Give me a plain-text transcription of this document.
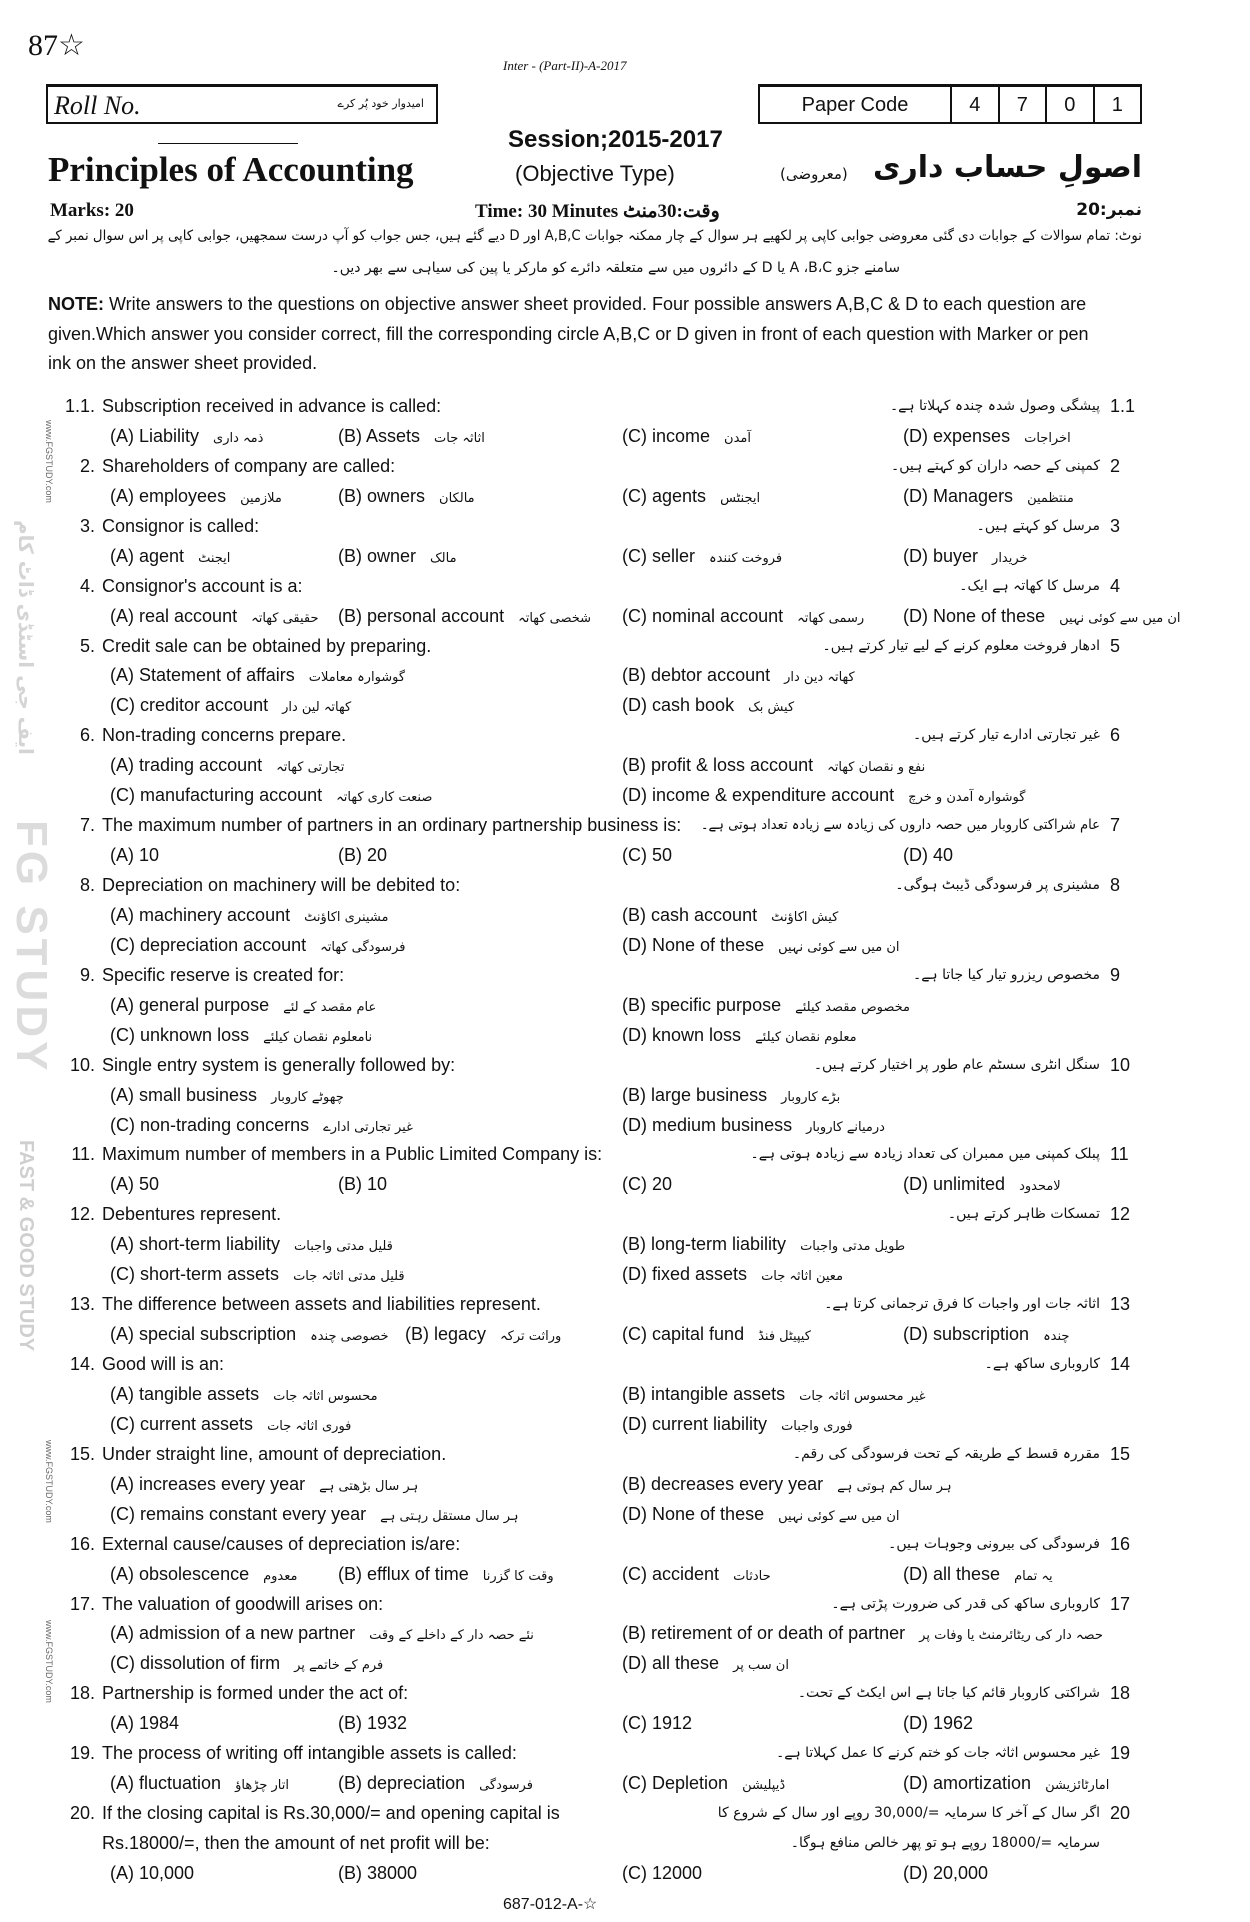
87☆
Inter - (Part-II)-A-2017
Roll No.	امیدوار خود پُر کرے	Paper Code	4	7	0	1
Session;2015-2017
Principles of Accounting	(Objective Type)	(معروضی) اصولِ حساب داری
Marks: 20	Time: 30 Minutes وقت:30منٹ	نمبر:20
نوٹ: تمام سوالات کے جوابات دی گئی معروضی جوابی کاپی پر لکھیے ہر سوال کے چار ممکنہ جوابات A,B,C اور D دیے گئے ہیں، جس جواب کو آپ درست سمجھیں، جوابی کاپی پر اس سوال نمبر کے
سامنے جزو A ،B،C یا D کے دائروں میں سے متعلقہ دائرے کو مارکر یا پین کی سیاہی سے بھر دیں۔
NOTE: Write answers to the questions on objective answer sheet provided. Four possible answers A,B,C & D to each question are given.Which answer you consider correct, fill the corresponding circle A,B,C or D given in front of each question with Marker or pen ink on the answer sheet provided.
FG STUDY
FAST & GOOD STUDY
ایف جی اسٹڈی ڈاٹ کام
www.FGSTUDY.com
www.FGSTUDY.com
www.FGSTUDY.com
1.1. Subscription received in advance is called:	پیشگی وصول شدہ چندہ کہلاتا ہے۔ 1.1
(A) Liability ذمہ داری	(B) Assets اثاثہ جات	(C) income آمدن	(D) expenses اخراجات
2. Shareholders of company are called:	کمپنی کے حصہ داران کو کہتے ہیں۔ 2
(A) employees ملازمین	(B) owners مالکان	(C) agents ایجنٹس	(D) Managers منتظمین
3. Consignor is called:	مرسل کو کہتے ہیں۔ 3
(A) agent ایجنٹ	(B) owner مالک	(C) seller فروخت کنندہ	(D) buyer خریدار
4. Consignor's account is a:	مرسل کا کھاتہ ہے ایک۔ 4
(A) real account حقیقی کھاتہ (B) personal account شخصی کھاتہ (C) nominal account رسمی کھاتہ (D) None of these ان میں سے کوئی نہیں
5. Credit sale can be obtained by preparing.	ادھار فروخت معلوم کرنے کے لیے تیار کرتے ہیں۔ 5
(A) Statement of affairs گوشوارہ معاملات	(B) debtor account کھاتہ دین دار
(C) creditor account کھاتہ لین دار	(D) cash book کیش بک
6. Non-trading concerns prepare.	غیر تجارتی ادارے تیار کرتے ہیں۔ 6
(A) trading account تجارتی کھاتہ	(B) profit & loss account نفع و نقصان کھاتہ
(C) manufacturing account صنعت کاری کھاتہ	(D) income & expenditure account گوشوارہ آمدن و خرچ
7. The maximum number of partners in an ordinary partnership business is: عام شراکتی کاروبار میں حصہ داروں کی زیادہ سے زیادہ تعداد ہوتی ہے۔ 7
(A) 10	(B) 20	(C) 50	(D) 40
8. Depreciation on machinery will be debited to:	مشینری پر فرسودگی ڈیبٹ ہوگی۔ 8
(A) machinery account مشینری اکاؤنٹ	(B) cash account کیش اکاؤنٹ
(C) depreciation account فرسودگی کھاتہ	(D) None of these ان میں سے کوئی نہیں
9. Specific reserve is created for:	مخصوص ریزرو تیار کیا جاتا ہے۔ 9
(A) general purpose عام مقصد کے لئے	(B) specific purpose مخصوص مقصد کیلئے
(C) unknown loss نامعلوم نقصان کیلئے	(D) known loss معلوم نقصان کیلئے
10. Single entry system is generally followed by:	سنگل انٹری سسٹم عام طور پر اختیار کرتے ہیں۔ 10
(A) small business چھوٹے کاروبار	(B) large business بڑے کاروبار
(C) non-trading concerns غیر تجارتی ادارے	(D) medium business درمیانے کاروبار
11. Maximum number of members in a Public Limited Company is:	پبلک کمپنی میں ممبران کی تعداد زیادہ سے زیادہ ہوتی ہے۔ 11
(A) 50	(B) 10	(C) 20	(D) unlimited لامحدود
12. Debentures represent.	تمسکات ظاہر کرتے ہیں۔ 12
(A) short-term liability قلیل مدتی واجبات	(B) long-term liability طویل مدتی واجبات
(C) short-term assets قلیل مدتی اثاثہ جات	(D) fixed assets معین اثاثہ جات
13. The difference between assets and liabilities represent.	اثاثہ جات اور واجبات کا فرق ترجمانی کرتا ہے۔ 13
(A) special subscription خصوصی چندہ (B) legacy وراثت ترکہ	(C) capital fund کیپیٹل فنڈ	(D) subscription چندہ
14. Good will is an:	کاروباری ساکھ ہے۔ 14
(A) tangible assets محسوس اثاثہ جات	(B) intangible assets غیر محسوس اثاثہ جات
(C) current assets فوری اثاثہ جات	(D) current liability فوری واجبات
15. Under straight line, amount of depreciation.	مقررہ قسط کے طریقہ کے تحت فرسودگی کی رقم۔ 15
(A) increases every year ہر سال بڑھتی ہے	(B) decreases every year ہر سال کم ہوتی ہے
(C) remains constant every year ہر سال مستقل رہتی ہے	(D) None of these ان میں سے کوئی نہیں
16. External cause/causes of depreciation is/are:	فرسودگی کی بیرونی وجوہات ہیں۔ 16
(A) obsolescence معدوم (B) efflux of time وقت کا گزرنا	(C) accident حادثات	(D) all these یہ تمام
17. The valuation of goodwill arises on:	کاروباری ساکھ کی قدر کی ضرورت پڑتی ہے۔ 17
(A) admission of a new partner نئے حصہ دار کے داخلے کے وقت	(B) retirement of or death of partner حصہ دار کی ریٹائرمنٹ یا وفات پر
(C) dissolution of firm فرم کے خاتمے پر	(D) all these ان سب پر
18. Partnership is formed under the act of:	شراکتی کاروبار قائم کیا جاتا ہے اس ایکٹ کے تحت۔ 18
(A) 1984	(B) 1932	(C) 1912	(D) 1962
19. The process of writing off intangible assets is called:	غیر محسوس اثاثہ جات کو ختم کرنے کا عمل کہلاتا ہے۔ 19
(A) fluctuation اتار چڑھاؤ	(B) depreciation فرسودگی	(C) Depletion ڈیپلیشن	(D) amortization امارٹائزیشن
20. If the closing capital is Rs.30,000/= and opening capital is	اگر سال کے آخر کا سرمایہ =/30,000 روپے اور سال کے شروع کا 20
Rs.18000/=, then the amount of net profit will be:	سرمایہ =/18000 روپے ہو تو پھر خالص منافع ہوگا۔
(A) 10,000	(B) 38000	(C) 12000	(D) 20,000
687-012-A-☆
